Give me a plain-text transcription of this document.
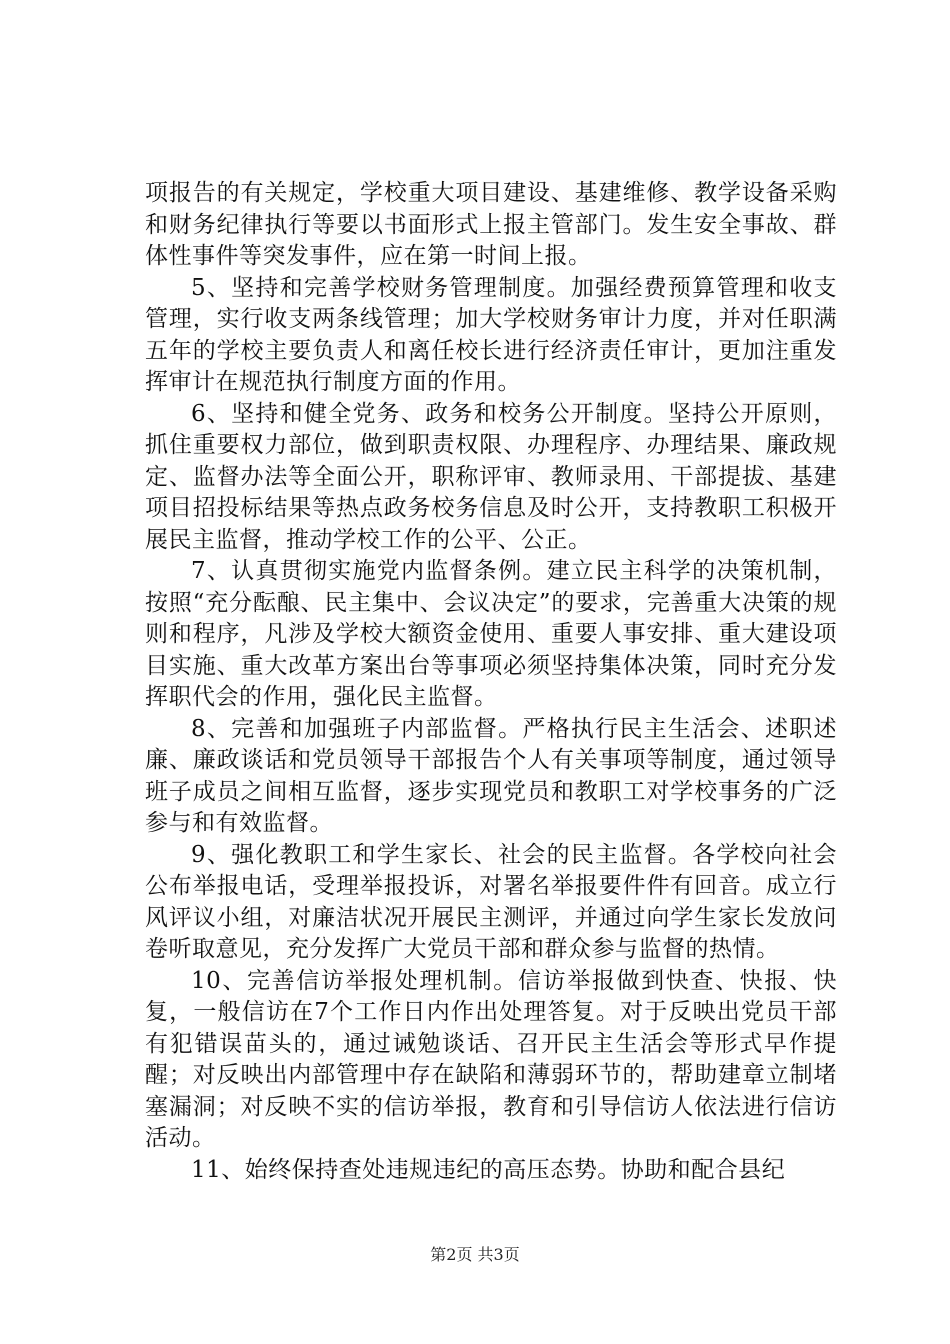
项报告的有关规定，学校重大项目建设、基建维修、教学设备采购和财务纪律执行等要以书面形式上报主管部门。发生安全事故、群体性事件等突发事件，应在第一时间上报。

5、坚持和完善学校财务管理制度。加强经费预算管理和收支管理，实行收支两条线管理；加大学校财务审计力度，并对任职满五年的学校主要负责人和离任校长进行经济责任审计，更加注重发挥审计在规范执行制度方面的作用。

6、坚持和健全党务、政务和校务公开制度。坚持公开原则，抓住重要权力部位，做到职责权限、办理程序、办理结果、廉政规定、监督办法等全面公开，职称评审、教师录用、干部提拔、基建项目招投标结果等热点政务校务信息及时公开，支持教职工积极开展民主监督，推动学校工作的公平、公正。

7、认真贯彻实施党内监督条例。建立民主科学的决策机制，按照“充分酝酿、民主集中、会议决定”的要求，完善重大决策的规则和程序，凡涉及学校大额资金使用、重要人事安排、重大建设项目实施、重大改革方案出台等事项必须坚持集体决策，同时充分发挥职代会的作用，强化民主监督。

8、完善和加强班子内部监督。严格执行民主生活会、述职述廉、廉政谈话和党员领导干部报告个人有关事项等制度，通过领导班子成员之间相互监督，逐步实现党员和教职工对学校事务的广泛参与和有效监督。

9、强化教职工和学生家长、社会的民主监督。各学校向社会公布举报电话，受理举报投诉，对署名举报要件件有回音。成立行风评议小组，对廉洁状况开展民主测评，并通过向学生家长发放问卷听取意见，充分发挥广大党员干部和群众参与监督的热情。

10、完善信访举报处理机制。信访举报做到快查、快报、快复，一般信访在7个工作日内作出处理答复。对于反映出党员干部有犯错误苗头的，通过诫勉谈话、召开民主生活会等形式早作提醒；对反映出内部管理中存在缺陷和薄弱环节的，帮助建章立制堵塞漏洞；对反映不实的信访举报，教育和引导信访人依法进行信访活动。

11、始终保持查处违规违纪的高压态势。协助和配合县纪

第2页 共3页
